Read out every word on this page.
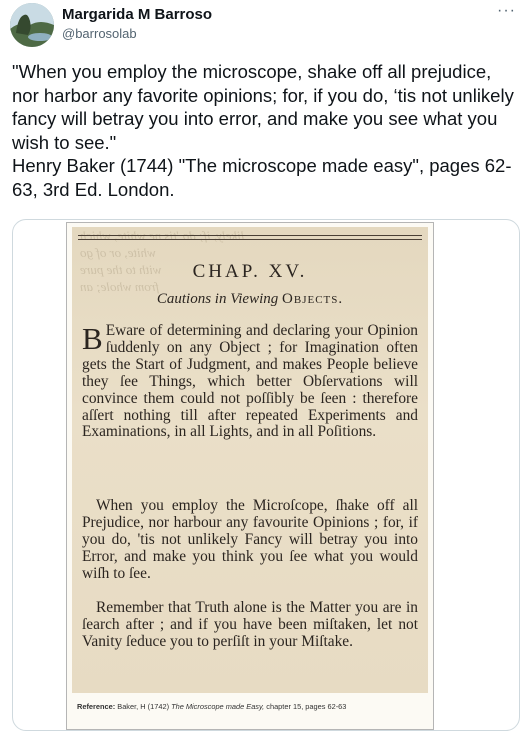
Margarida M Barroso
@barrosolab
···
"When you employ the microscope, shake off all prejudice, nor harbor any favorite opinions; for, if you do, ‘tis not unlikely fancy will betray you into error, and make you see what you wish to see."
Henry Baker (1744) "The microscope made easy", pages 62-63, 3rd Ed. London.
likely, if; do 'tis ne white, which
white, or of go
with to the pure
from whole; an
CHAP. XV.
Cautions in Viewing Objects.
B Eware of determining and declaring your Opinion ſuddenly on any Object ; for Imagination often gets the Start of Judgment, and makes People believe they ſee Things, which better Obſervations will convince them could not poſſibly be ſeen : therefore aſſert nothing till after repeated Experiments and Examinations, in all Lights, and in all Poſitions.
When you employ the Microſcope, ſhake off all Prejudice, nor harbour any favourite Opinions ; for, if you do, 'tis not unlikely Fancy will betray you into Error, and make you think you ſee what you would wiſh to ſee.
Remember that Truth alone is the Matter you are in ſearch after ; and if you have been miſtaken, let not Vanity ſeduce you to perſiſt in your Miſtake.
Reference: Baker, H (1742) The Microscope made Easy, chapter 15, pages 62-63
